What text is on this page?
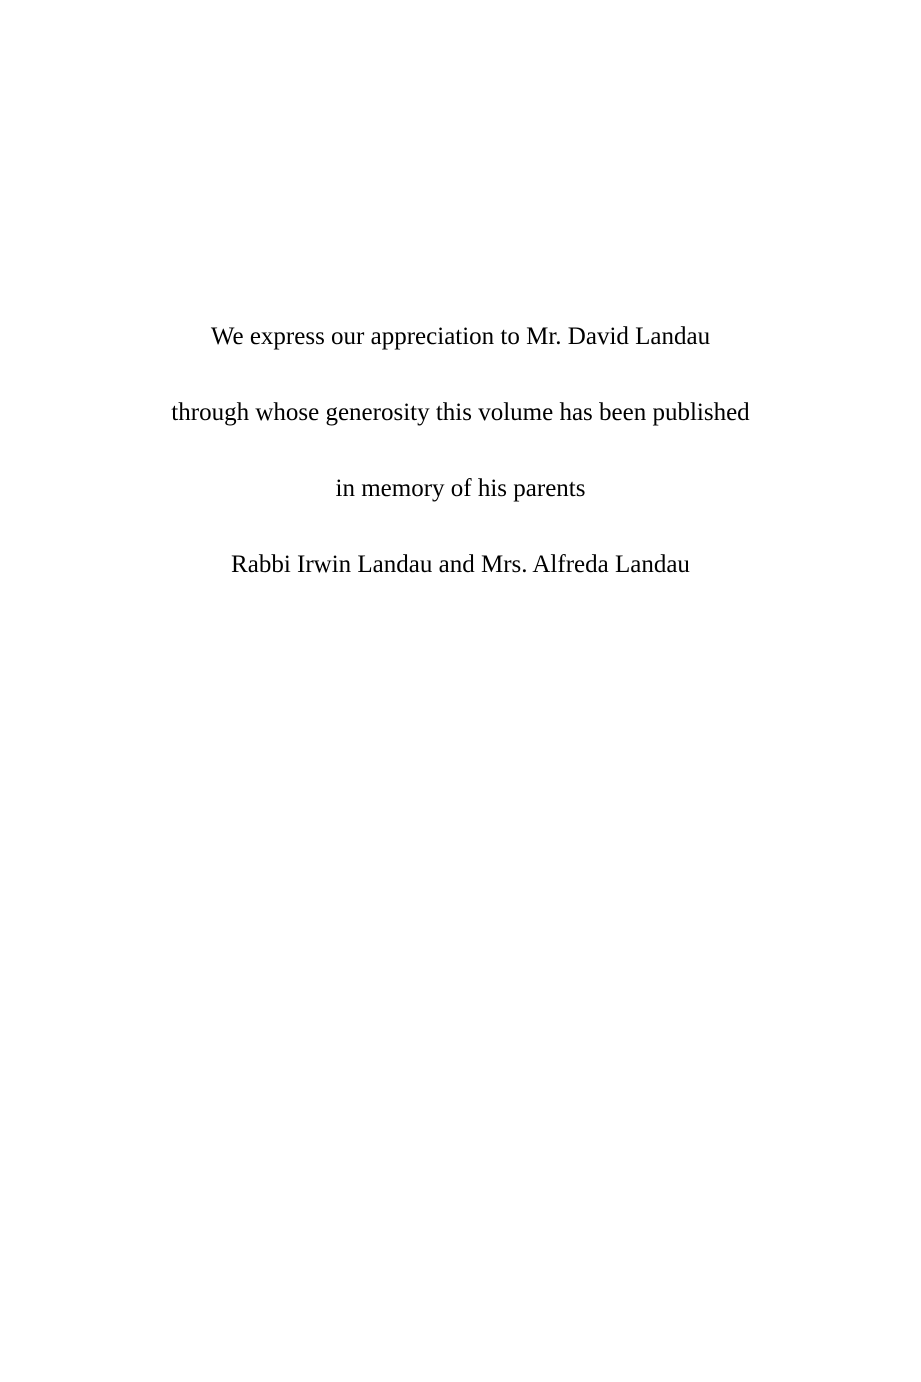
We express our appreciation to Mr. David Landau

through whose generosity this volume has been published

in memory of his parents

Rabbi Irwin Landau and Mrs. Alfreda Landau
